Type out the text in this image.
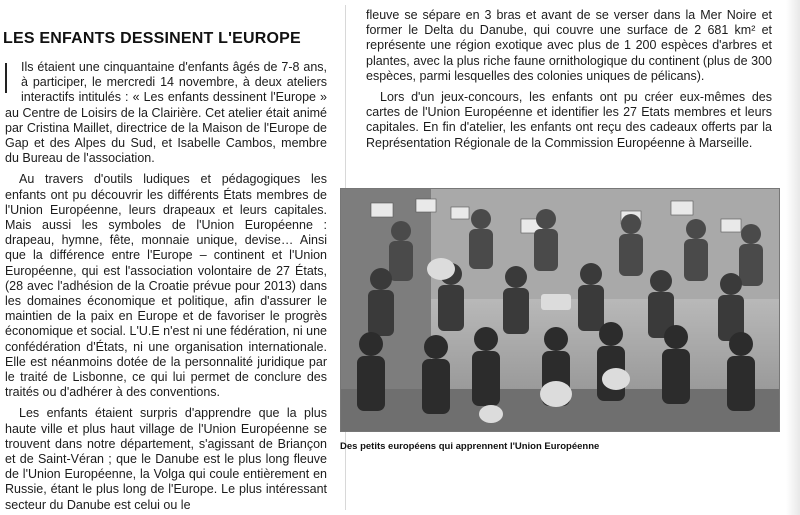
LES ENFANTS DESSINENT L'EUROPE

Ils étaient une cinquantaine d'enfants âgés de 7-8 ans, à participer, le mercredi 14 novembre, à deux ateliers interactifs intitulés : « Les enfants dessinent l'Europe » au Centre de Loisirs de la Clairière. Cet atelier était animé par Cristina Maillet, directrice de la Maison de l'Europe de Gap et des Alpes du Sud, et Isabelle Cambos, membre du Bureau de l'association.

Au travers d'outils ludiques et pédagogiques les enfants ont pu découvrir les différents États membres de l'Union Européenne, leurs drapeaux et leurs capitales. Mais aussi les symboles de l'Union Européenne : drapeau, hymne, fête, monnaie unique, devise… Ainsi que la différence entre l'Europe – continent et l'Union Européenne, qui est l'association volontaire de 27 États, (28 avec l'adhésion de la Croatie prévue pour 2013) dans les domaines économique et politique, afin d'assurer le maintien de la paix en Europe et de favoriser le progrès économique et social. L'U.E n'est ni une fédération, ni une confédération d'États, ni une organisation internationale. Elle est néanmoins dotée de la personnalité juridique par le traité de Lisbonne, ce qui lui permet de conclure des traités ou d'adhérer à des conventions.

Les enfants étaient surpris d'apprendre que la plus haute ville et plus haut village de l'Union Européenne se trouvent dans notre département, s'agissant de Briançon et de Saint-Véran ; que le Danube est le plus long fleuve de l'Union Européenne, la Volga qui coule entièrement en Russie, étant le plus long de l'Europe. Le plus intéressant secteur du Danube est celui ou le

fleuve se sépare en 3 bras et avant de se verser dans la Mer Noire et former le Delta du Danube, qui couvre une surface de 2 681 km² et représente une région exotique avec plus de 1 200 espèces d'arbres et plantes, avec la plus riche faune ornithologique du continent (plus de 300 espèces, parmi lesquelles des colonies uniques de pélicans).

Lors d'un jeux-concours, les enfants ont pu créer eux-mêmes des cartes de l'Union Européenne et identifier les 27 Etats membres et leurs capitales. En fin d'atelier, les enfants ont reçu des cadeaux offerts par la Représentation Régionale de la Commission Européenne à Marseille.

Des petits européens qui apprennent l'Union Européenne
